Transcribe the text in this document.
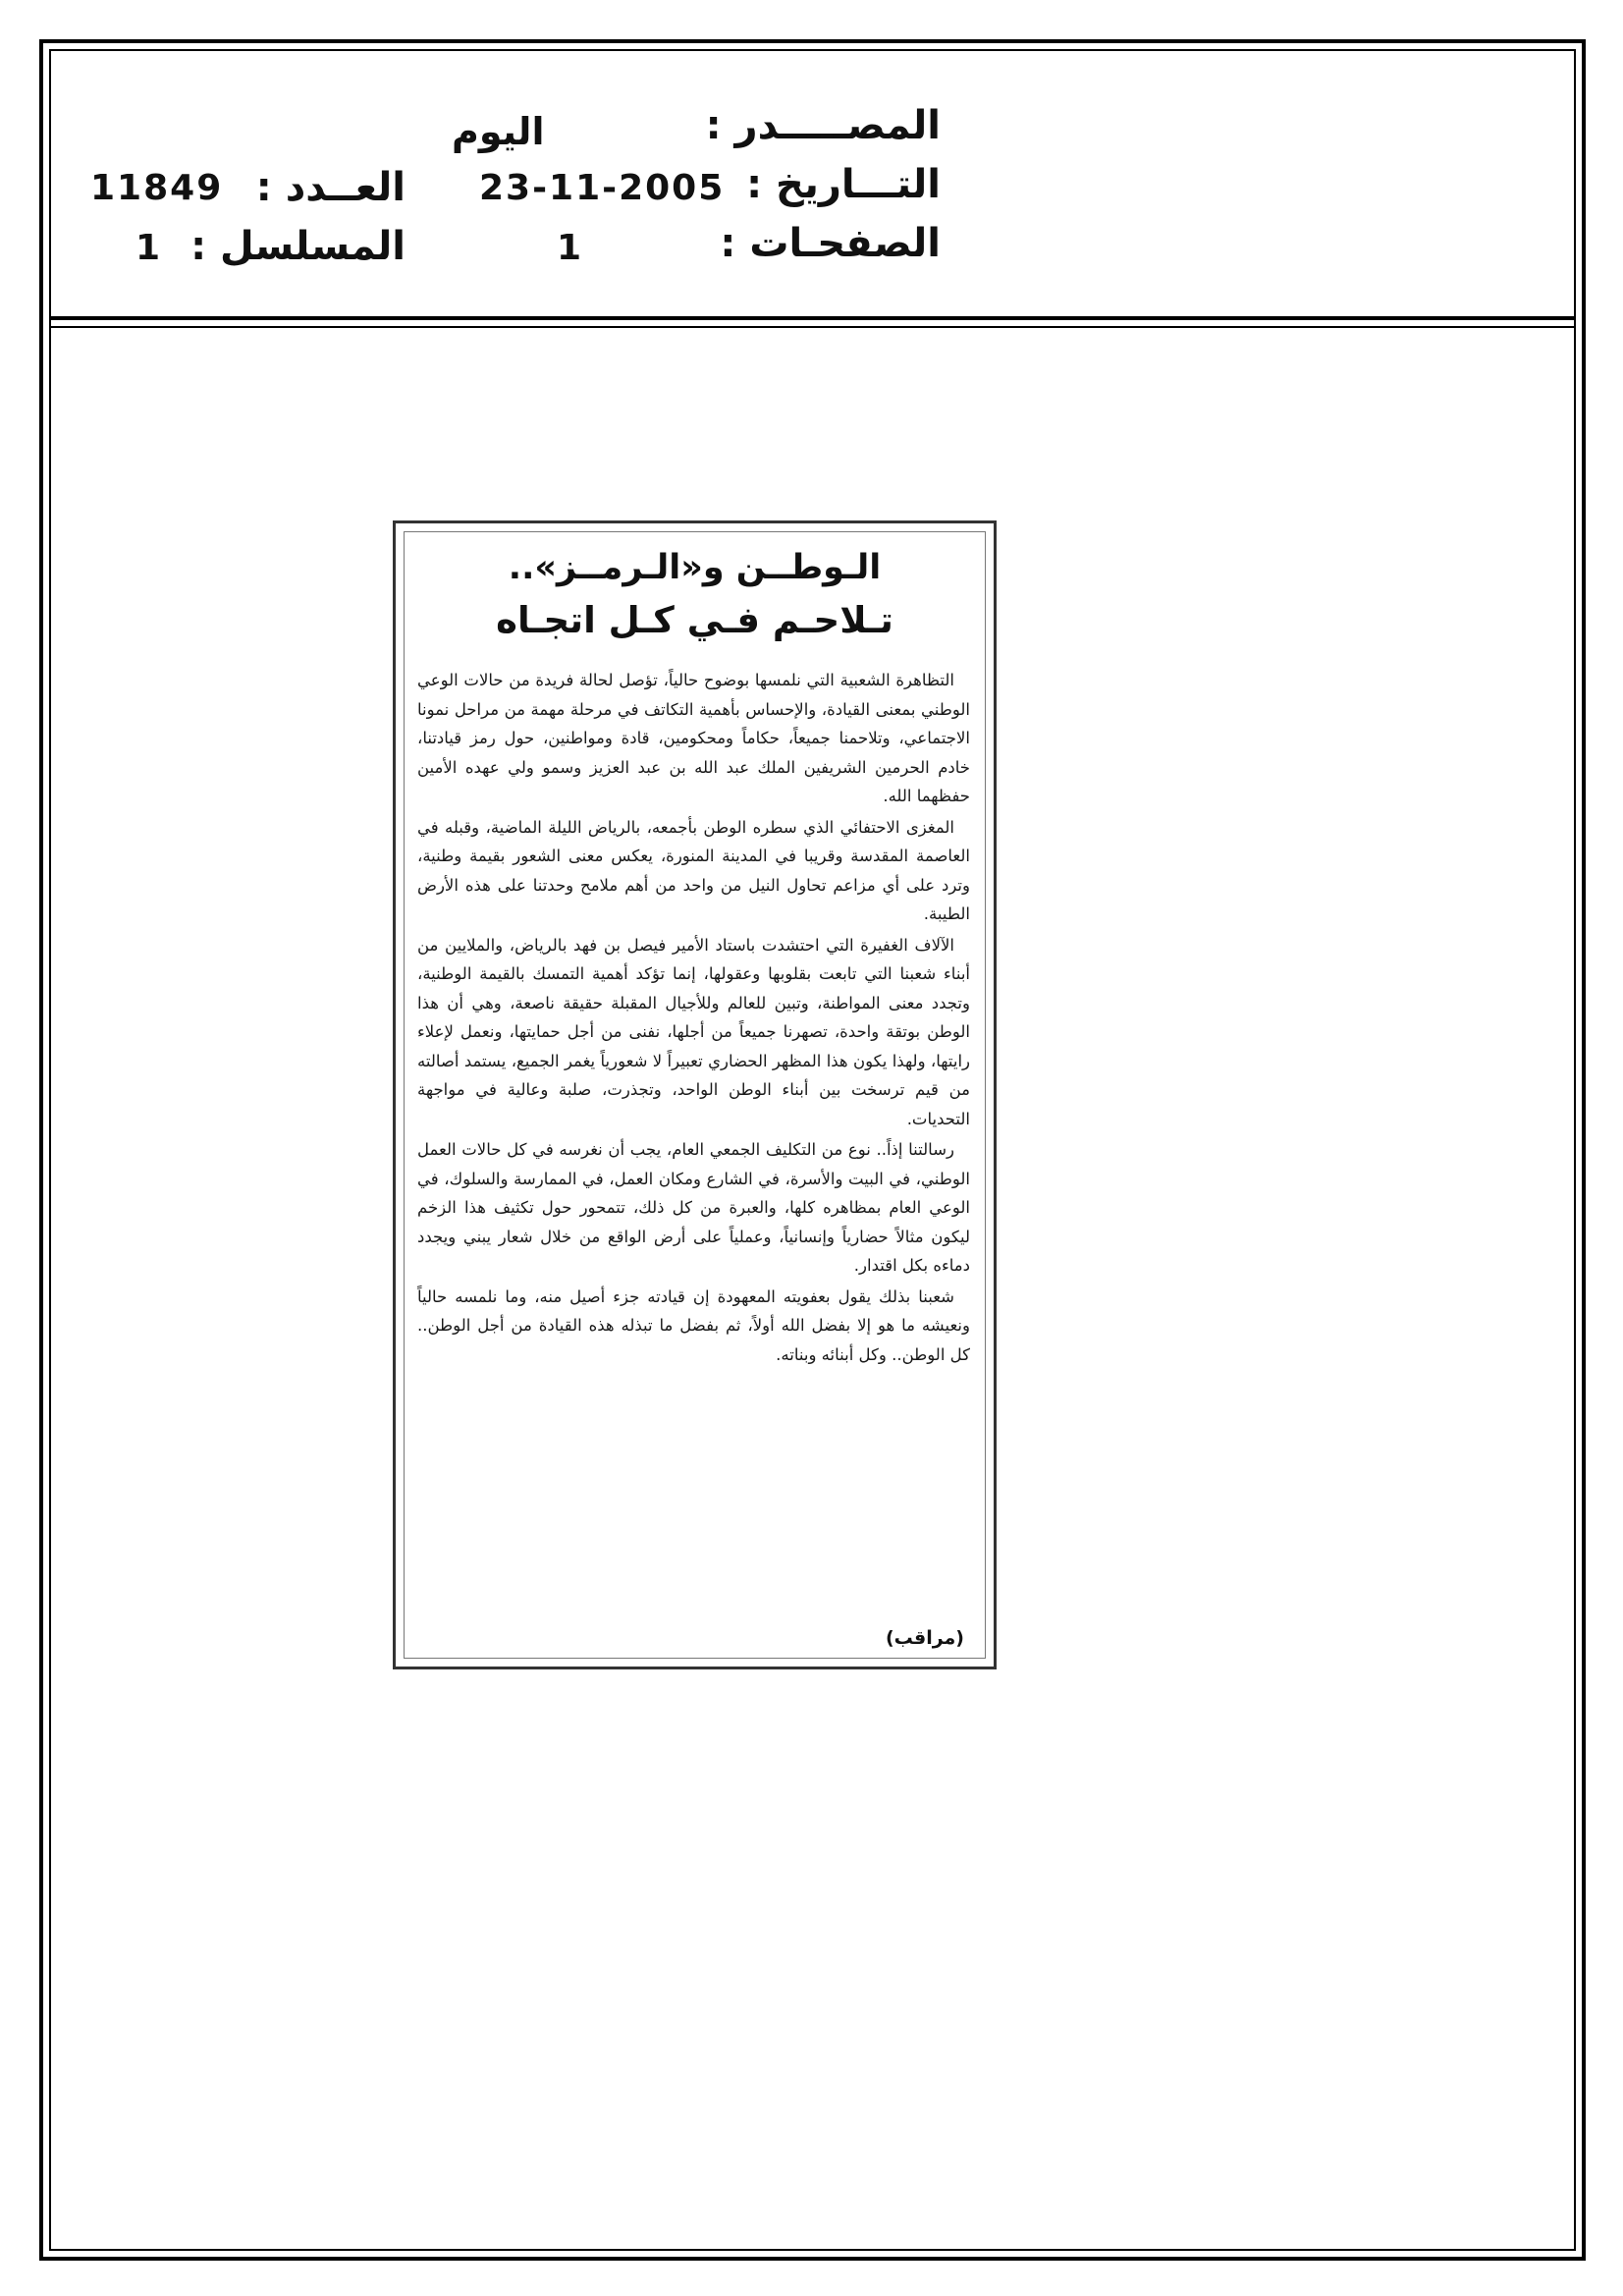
المصـــــدر :
اليوم
التـــاريخ :
23-11-2005
العــدد :
11849
الصفحـات :
1
المسلسل :
1
الـوطــن و«الـرمــز»..
تـلاحـم فـي كـل اتجـاه

التظاهرة الشعبية التي نلمسها بوضوح حالياً، تؤصل لحالة فريدة من حالات الوعي الوطني بمعنى القيادة، والإحساس بأهمية التكاتف في مرحلة مهمة من مراحل نمونا الاجتماعي، وتلاحمنا جميعاً، حكاماً ومحكومين، قادة ومواطنين، حول رمز قيادتنا، خادم الحرمين الشريفين الملك عبد الله بن عبد العزيز وسمو ولي عهده الأمين حفظهما الله.

المغزى الاحتفائي الذي سطره الوطن بأجمعه، بالرياض الليلة الماضية، وقبله في العاصمة المقدسة وقريبا في المدينة المنورة، يعكس معنى الشعور بقيمة وطنية، وترد على أي مزاعم تحاول النيل من واحد من أهم ملامح وحدتنا على هذه الأرض الطيبة.

الآلاف الغفيرة التي احتشدت باستاد الأمير فيصل بن فهد بالرياض، والملايين من أبناء شعبنا التي تابعت بقلوبها وعقولها، إنما تؤكد أهمية التمسك بالقيمة الوطنية، وتجدد معنى المواطنة، وتبين للعالم وللأجيال المقبلة حقيقة ناصعة، وهي أن هذا الوطن بوتقة واحدة، تصهرنا جميعاً من أجلها، نفنى من أجل حمايتها، ونعمل لإعلاء رايتها، ولهذا يكون هذا المظهر الحضاري تعبيراً لا شعورياً يغمر الجميع، يستمد أصالته من قيم ترسخت بين أبناء الوطن الواحد، وتجذرت، صلبة وعالية في مواجهة التحديات.

رسالتنا إذاً.. نوع من التكليف الجمعي العام، يجب أن نغرسه في كل حالات العمل الوطني، في البيت والأسرة، في الشارع ومكان العمل، في الممارسة والسلوك، في الوعي العام بمظاهره كلها، والعبرة من كل ذلك، تتمحور حول تكثيف هذا الزخم ليكون مثالاً حضارياً وإنسانياً، وعملياً على أرض الواقع من خلال شعار يبني ويجدد دماءه بكل اقتدار.

شعبنا بذلك يقول بعفويته المعهودة إن قيادته جزء أصيل منه، وما نلمسه حالياً ونعيشه ما هو إلا بفضل الله أولاً، ثم بفضل ما تبذله هذه القيادة من أجل الوطن.. كل الوطن.. وكل أبنائه وبناته.

(مراقب)
